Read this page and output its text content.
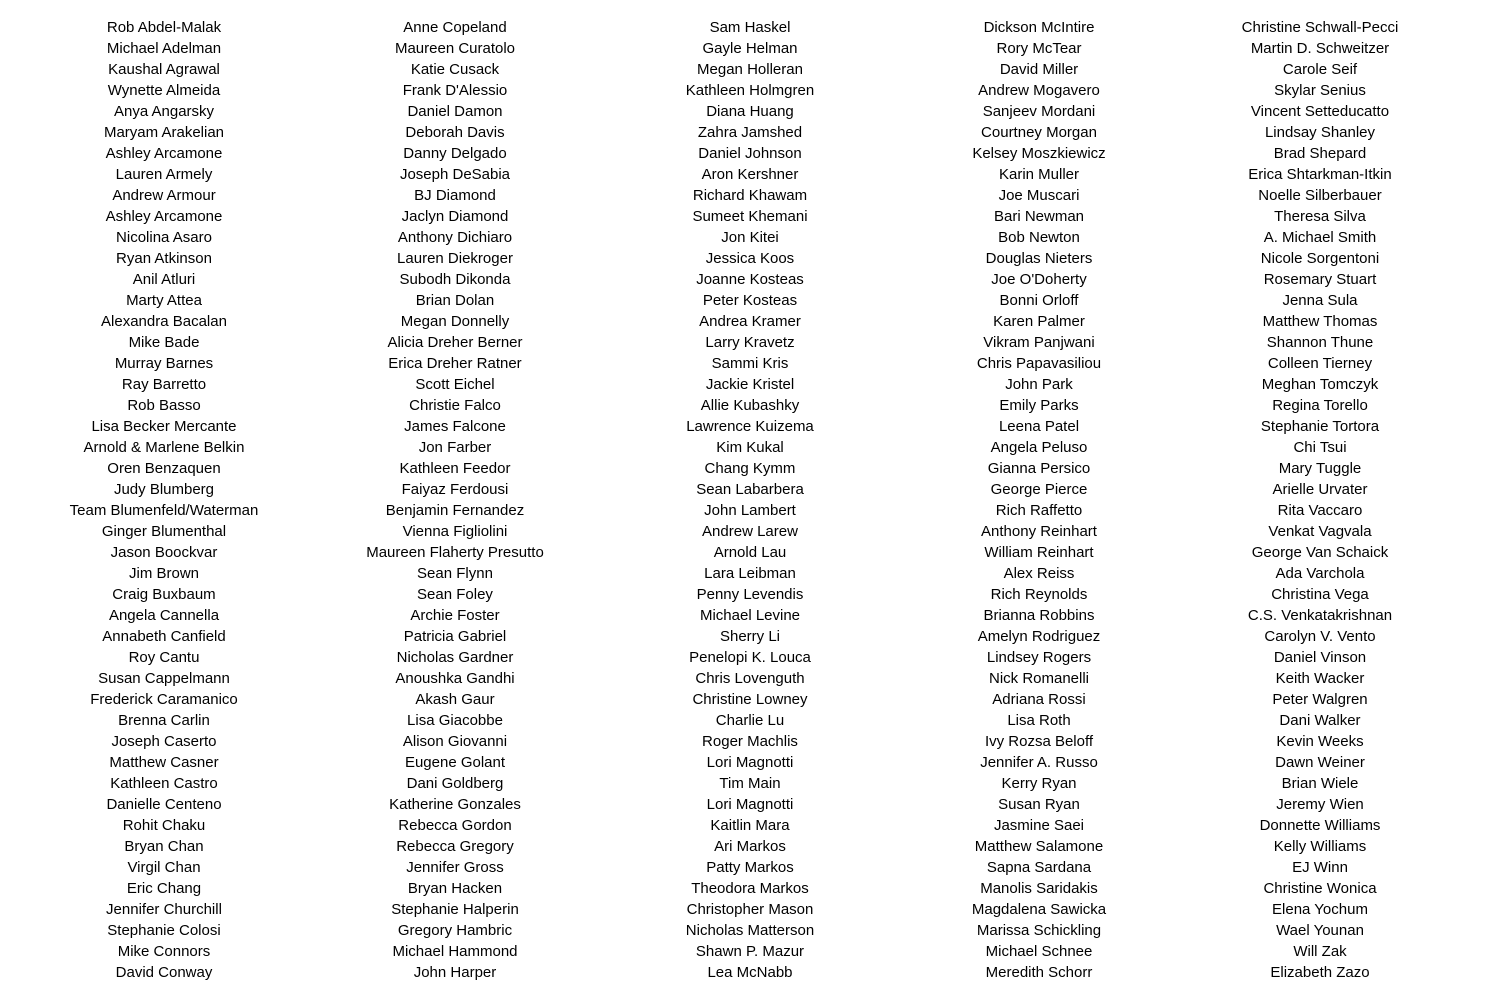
Rob Abdel-Malak
Michael Adelman
Kaushal Agrawal
Wynette Almeida
Anya Angarsky
Maryam Arakelian
Ashley Arcamone
Lauren Armely
Andrew Armour
Ashley Arcamone
Nicolina Asaro
Ryan Atkinson
Anil Atluri
Marty Attea
Alexandra Bacalan
Mike Bade
Murray Barnes
Ray Barretto
Rob Basso
Lisa Becker Mercante
Arnold & Marlene Belkin
Oren Benzaquen
Judy Blumberg
Team Blumenfeld/Waterman
Ginger Blumenthal
Jason Boockvar
Jim Brown
Craig Buxbaum
Angela Cannella
Annabeth Canfield
Roy Cantu
Susan Cappelmann
Frederick Caramanico
Brenna Carlin
Joseph Caserto
Matthew Casner
Kathleen Castro
Danielle Centeno
Rohit Chaku
Bryan Chan
Virgil Chan
Eric Chang
Jennifer Churchill
Stephanie Colosi
Mike Connors
David Conway
Anne Copeland
Maureen Curatolo
Katie Cusack
Frank D'Alessio
Daniel Damon
Deborah Davis
Danny Delgado
Joseph DeSabia
BJ Diamond
Jaclyn Diamond
Anthony Dichiaro
Lauren Diekroger
Subodh Dikonda
Brian Dolan
Megan Donnelly
Alicia Dreher Berner
Erica Dreher Ratner
Scott Eichel
Christie Falco
James Falcone
Jon Farber
Kathleen Feedor
Faiyaz Ferdousi
Benjamin Fernandez
Vienna Figliolini
Maureen Flaherty Presutto
Sean Flynn
Sean Foley
Archie Foster
Patricia Gabriel
Nicholas Gardner
Anoushka Gandhi
Akash Gaur
Lisa Giacobbe
Alison Giovanni
Eugene Golant
Dani Goldberg
Katherine Gonzales
Rebecca Gordon
Rebecca Gregory
Jennifer Gross
Bryan Hacken
Stephanie Halperin
Gregory Hambric
Michael Hammond
John Harper
Sam Haskel
Gayle Helman
Megan Holleran
Kathleen Holmgren
Diana Huang
Zahra Jamshed
Daniel Johnson
Aron Kershner
Richard Khawam
Sumeet Khemani
Jon Kitei
Jessica Koos
Joanne Kosteas
Peter Kosteas
Andrea Kramer
Larry Kravetz
Sammi Kris
Jackie Kristel
Allie Kubashky
Lawrence Kuizema
Kim Kukal
Chang Kymm
Sean Labarbera
John Lambert
Andrew Larew
Arnold Lau
Lara Leibman
Penny Levendis
Michael Levine
Sherry Li
Penelopi K. Louca
Chris Lovenguth
Christine Lowney
Charlie Lu
Roger Machlis
Lori Magnotti
Tim Main
Lori Magnotti
Kaitlin Mara
Ari Markos
Patty Markos
Theodora Markos
Christopher Mason
Nicholas Matterson
Shawn P. Mazur
Lea McNabb
Dickson McIntire
Rory McTear
David Miller
Andrew Mogavero
Sanjeev Mordani
Courtney Morgan
Kelsey Moszkiewicz
Karin Muller
Joe Muscari
Bari Newman
Bob Newton
Douglas Nieters
Joe O'Doherty
Bonni Orloff
Karen Palmer
Vikram Panjwani
Chris Papavasiliou
John Park
Emily Parks
Leena Patel
Angela Peluso
Gianna Persico
George Pierce
Rich Raffetto
Anthony Reinhart
William Reinhart
Alex Reiss
Rich Reynolds
Brianna Robbins
Amelyn Rodriguez
Lindsey Rogers
Nick Romanelli
Adriana Rossi
Lisa Roth
Ivy Rozsa Beloff
Jennifer A. Russo
Kerry Ryan
Susan Ryan
Jasmine Saei
Matthew Salamone
Sapna Sardana
Manolis Saridakis
Magdalena Sawicka
Marissa Schickling
Michael Schnee
Meredith Schorr
Christine Schwall-Pecci
Martin D. Schweitzer
Carole Seif
Skylar Senius
Vincent Setteducatto
Lindsay Shanley
Brad Shepard
Erica Shtarkman-Itkin
Noelle Silberbauer
Theresa Silva
A. Michael Smith
Nicole Sorgentoni
Rosemary Stuart
Jenna Sula
Matthew Thomas
Shannon Thune
Colleen Tierney
Meghan Tomczyk
Regina Torello
Stephanie Tortora
Chi Tsui
Mary Tuggle
Arielle Urvater
Rita Vaccaro
Venkat Vagvala
George Van Schaick
Ada Varchola
Christina Vega
C.S. Venkatakrishnan
Carolyn V. Vento
Daniel Vinson
Keith Wacker
Peter Walgren
Dani Walker
Kevin Weeks
Dawn Weiner
Brian Wiele
Jeremy Wien
Donnette Williams
Kelly Williams
EJ Winn
Christine Wonica
Elena Yochum
Wael Younan
Will Zak
Elizabeth Zazo
